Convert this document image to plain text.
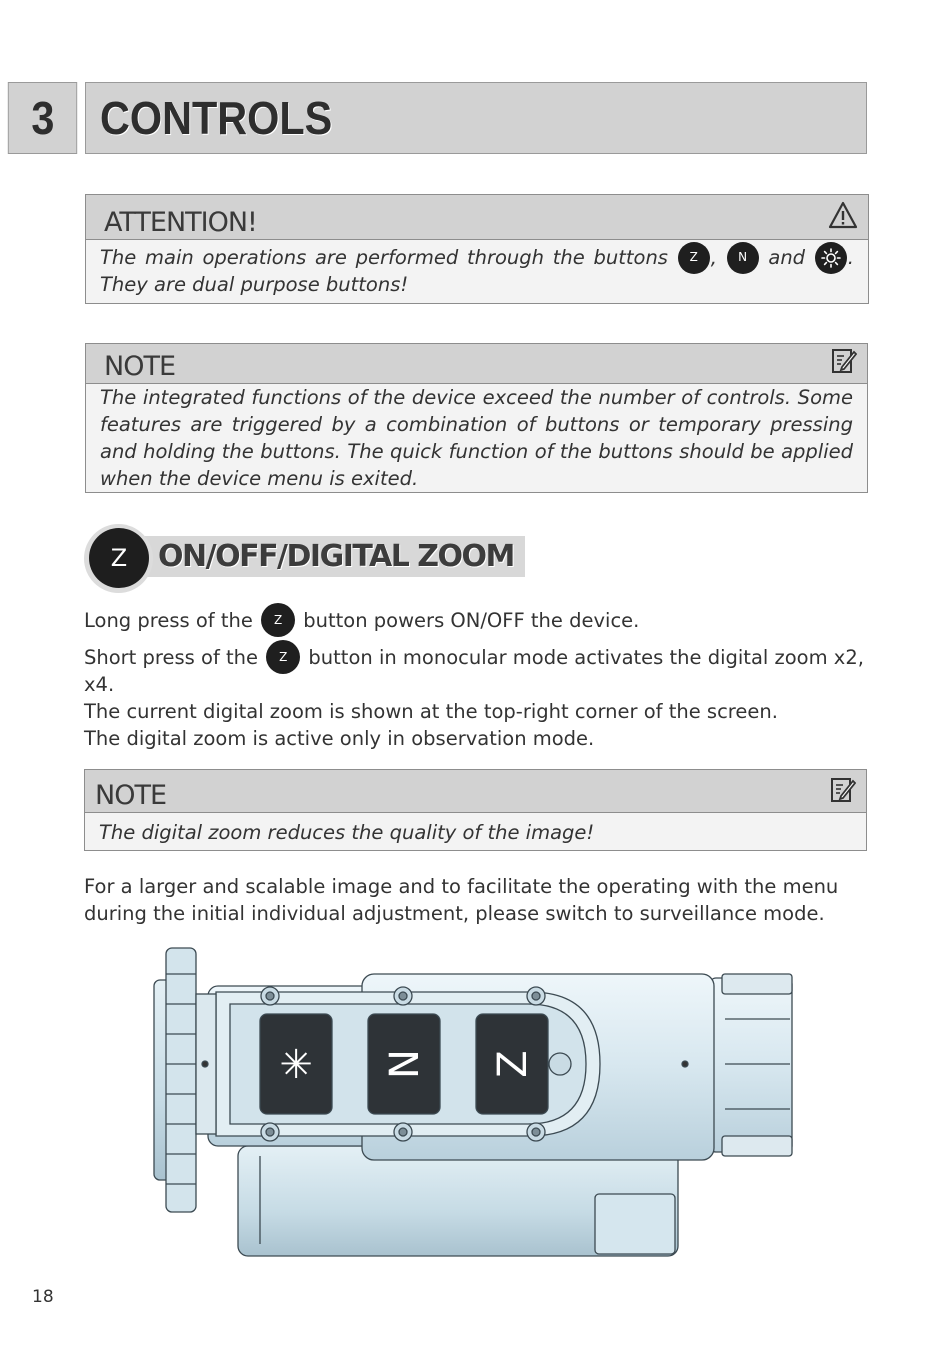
3	CONTROLS
ATTENTION!
The main operations are performed through the buttons Z , N and . They are dual purpose buttons!
NOTE
The integrated functions of the device exceed the number of controls. Some features are triggered by a combination of buttons or temporary pressing and holding the buttons. The quick function of the buttons should be applied when the device menu is exited.
Z	ON/OFF/DIGITAL ZOOM
Long press of the Z button powers ON/OFF the device.
Short press of the Z button in monocular mode activates the digital zoom x2, x4.
The current digital zoom is shown at the top-right corner of the screen.
The digital zoom is active only in observation mode.
NOTE
The digital zoom reduces the quality of the image!
For a larger and scalable image and to facilitate the operating with the menu during the initial individual adjustment, please switch to surveillance mode.
✳ N Z
18
